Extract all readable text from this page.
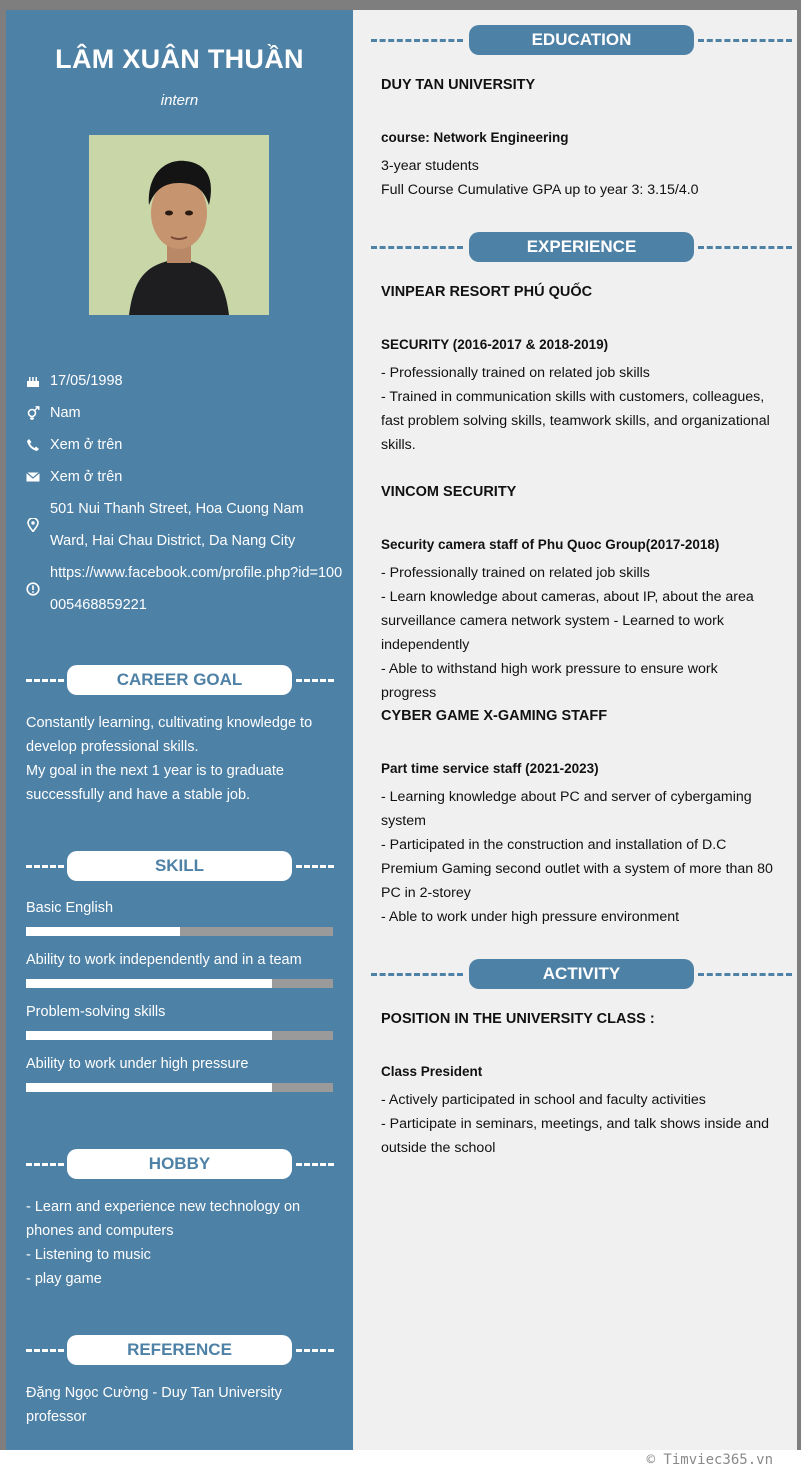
LÂM XUÂN THUẦN
intern
17/05/1998
Nam
Xem ở trên
Xem ở trên
501 Nui Thanh Street, Hoa Cuong Nam Ward, Hai Chau District, Da Nang City
https://www.facebook.com/profile.php?id=100005468859221
CAREER GOAL
Constantly learning, cultivating knowledge to develop professional skills.
My goal in the next 1 year is to graduate successfully and have a stable job.
SKILL
Basic English
Ability to work independently and in a team
Problem-solving skills
Ability to work under high pressure
HOBBY
- Learn and experience new technology on phones and computers
- Listening to music
- play game
REFERENCE
Đặng Ngọc Cường - Duy Tan University professor
EDUCATION
DUY TAN UNIVERSITY
course: Network Engineering
3-year students
Full Course Cumulative GPA up to year 3: 3.15/4.0
EXPERIENCE
VINPEAR RESORT PHÚ QUỐC
SECURITY (2016-2017 & 2018-2019)
- Professionally trained on related job skills
- Trained in communication skills with customers, colleagues, fast problem solving skills, teamwork skills, and organizational skills.
VINCOM SECURITY
Security camera staff of Phu Quoc Group(2017-2018)
- Professionally trained on related job skills
- Learn knowledge about cameras, about IP, about the area surveillance camera network system - Learned to work independently
- Able to withstand high work pressure to ensure work progress
CYBER GAME X-GAMING STAFF
Part time service staff (2021-2023)
- Learning knowledge about PC and server of cybergaming system
- Participated in the construction and installation of D.C Premium Gaming second outlet with a system of more than 80 PC in 2-storey
- Able to work under high pressure environment
ACTIVITY
POSITION IN THE UNIVERSITY CLASS :
Class President
- Actively participated in school and faculty activities
- Participate in seminars, meetings, and talk shows inside and outside the school
© Timviec365.vn
